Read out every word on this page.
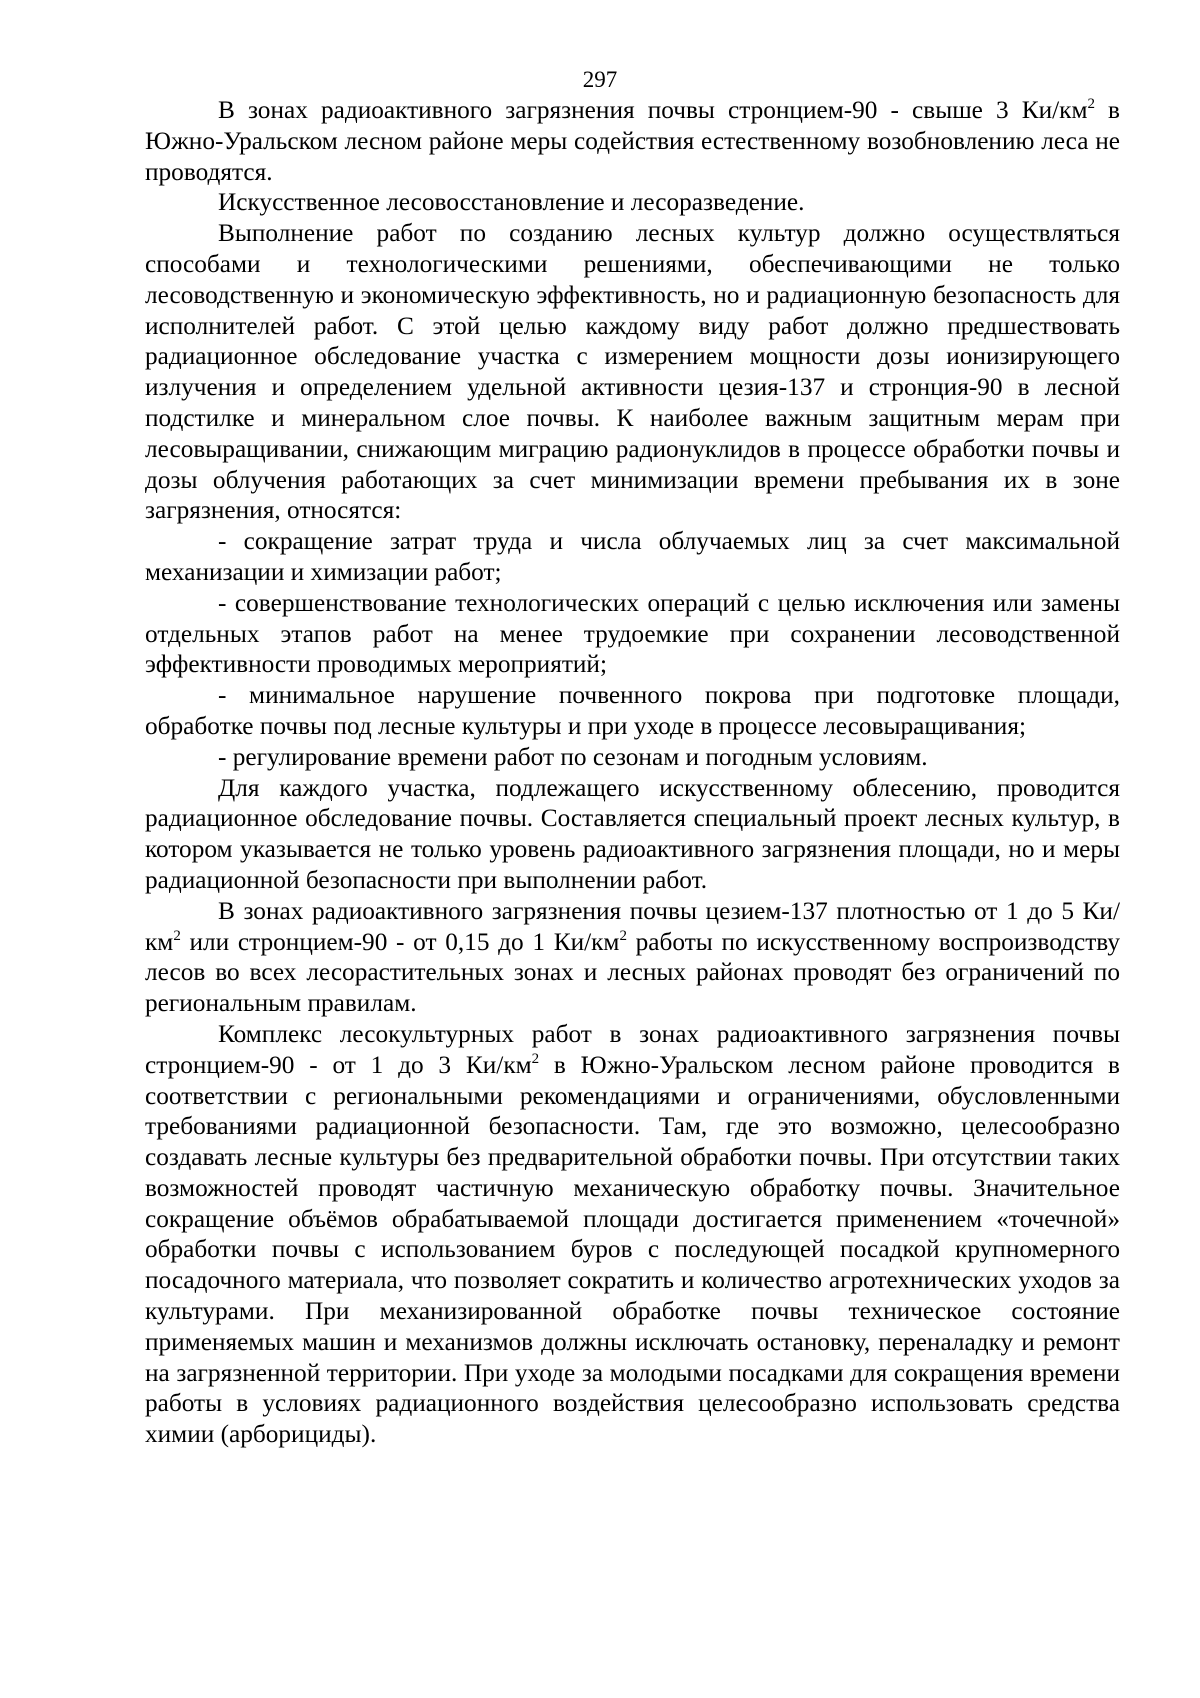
297

В зонах радиоактивного загрязнения почвы стронцием-90 - свыше 3 $Ки/км^2$ в Южно-Уральском лесном районе меры содействия естественному возобновлению леса не проводятся.

Искусственное лесовосстановление и лесоразведение.

Выполнение работ по созданию лесных культур должно осуществляться способами и технологическими решениями, обеспечивающими не только лесоводственную и экономическую эффективность, но и радиационную безопасность для исполнителей работ. С этой целью каждому виду работ должно предшествовать радиационное обследование участка с измерением мощности дозы ионизирующего излучения и определением удельной активности цезия-137 и стронция-90 в лесной подстилке и минеральном слое почвы. К наиболее важным защитным мерам при лесовыращивании, снижающим миграцию радионуклидов в процессе обработки почвы и дозы облучения работающих за счет минимизации времени пребывания их в зоне загрязнения, относятся:

- сокращение затрат труда и числа облучаемых лиц за счет максимальной механизации и химизации работ;

- совершенствование технологических операций с целью исключения или замены отдельных этапов работ на менее трудоемкие при сохранении лесоводственной эффективности проводимых мероприятий;

- минимальное нарушение почвенного покрова при подготовке площади, обработке почвы под лесные культуры и при уходе в процессе лесовыращивания;

- регулирование времени работ по сезонам и погодным условиям.

Для каждого участка, подлежащего искусственному облесению, проводится радиационное обследование почвы. Составляется специальный проект лесных культур, в котором указывается не только уровень радиоактивного загрязнения площади, но и меры радиационной безопасности при выполнении работ.

В зонах радиоактивного загрязнения почвы цезием-137 плотностью от 1 до 5 $Ки/км^2$ или стронцием-90 - от 0,15 до 1 $Ки/км^2$ работы по искусственному воспроизводству лесов во всех лесорастительных зонах и лесных районах проводят без ограничений по региональным правилам.

Комплекс лесокультурных работ в зонах радиоактивного загрязнения почвы стронцием-90 - от 1 до 3 $Ки/км^2$ в Южно-Уральском лесном районе проводится в соответствии с региональными рекомендациями и ограничениями, обусловленными требованиями радиационной безопасности. Там, где это возможно, целесообразно создавать лесные культуры без предварительной обработки почвы. При отсутствии таких возможностей проводят частичную механическую обработку почвы. Значительное сокращение объёмов обрабатываемой площади достигается применением «точечной» обработки почвы с использованием буров с последующей посадкой крупномерного посадочного материала, что позволяет сократить и количество агротехнических уходов за культурами. При механизированной обработке почвы техническое состояние применяемых машин и механизмов должны исключать остановку, переналадку и ремонт на загрязненной территории. При уходе за молодыми посадками для сокращения времени работы в условиях радиационного воздействия целесообразно использовать средства химии (арборициды).
